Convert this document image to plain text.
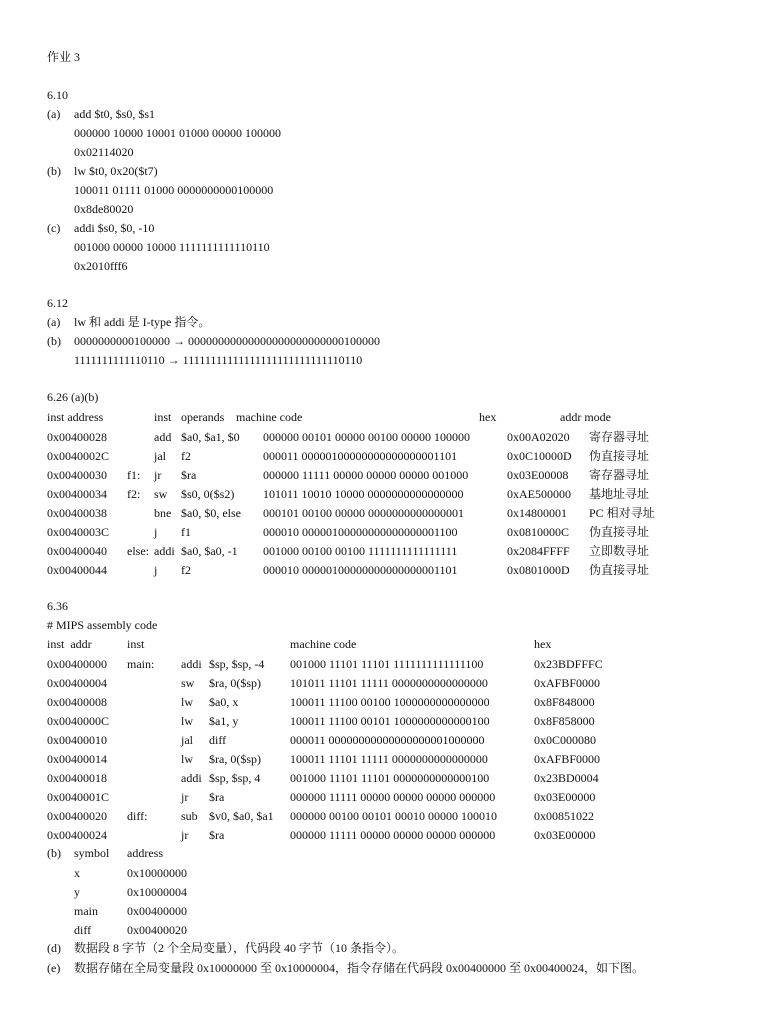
作业 3
6.10
(a) add $t0, $s0, $s1
000000 10000 10001 01000 00000 100000
0x02114020
(b) lw $t0, 0x20($t7)
100011 01111 01000 0000000000100000
0x8de80020
(c) addi $s0, $0, -10
001000 00000 10000 1111111111110110
0x2010fff6
6.12
(a) lw 和 addi 是 I-type 指令。
(b) 0000000000100000 → 00000000000000000000000000100000
1111111111110110 → 11111111111111111111111111110110
6.26 (a)(b)
inst address	inst operands machine code	hex	addr mode
0x00400028	add $a0, $a1, $0 000000 00101 00000 00100 00000 100000	0x00A02020 寄存器寻址
0x0040002C	jal f2	000011 00000100000000000000001101	0x0C10000D 伪直接寻址
0x00400030 f1: jr $ra	000000 11111 00000 00000 00000 001000	0x03E00008 寄存器寻址
0x00400034 f2: sw $s0, 0($s2) 101011 10010 10000 0000000000000000	0xAE500000 基地址寻址
0x00400038	bne $a0, $0, else 000101 00100 00000 0000000000000001	0x14800001 PC 相对寻址
0x0040003C	j f1	000010 00000100000000000000001100	0x0810000C 伪直接寻址
0x00400040 else: addi $a0, $a0, -1 001000 00100 00100 1111111111111111	0x2084FFFF 立即数寻址
0x00400044	j f2	000010 00000100000000000000001101	0x0801000D 伪直接寻址
6.36
# MIPS assembly code
inst  addr	inst	machine code	hex
0x00400000 main: addi $sp, $sp, -4 001000 11101 11101 1111111111111100	0x23BDFFFC
0x00400004	sw $ra, 0($sp) 101011 11101 11111 0000000000000000	0xAFBF0000
0x00400008	lw $a0, x	100011 11100 00100 1000000000000000	0x8F848000
0x0040000C	lw $a1, y	100011 11100 00101 1000000000000100	0x8F858000
0x00400010	jal diff	000011 00000000000000000001000000	0x0C000080
0x00400014	lw $ra, 0($sp) 100011 11101 11111 0000000000000000	0xAFBF0000
0x00400018	addi $sp, $sp, 4 001000 11101 11101 0000000000000100	0x23BD0004
0x0040001C	jr $ra	000000 11111 00000 00000 00000 000000	0x03E00000
0x00400020 diff:	sub $v0, $a0, $a1 000000 00100 00101 00010 00000 100010	0x00851022
0x00400024	jr $ra	000000 11111 00000 00000 00000 000000	0x03E00000
(b) symbol address
x	0x10000000
y	0x10000004
main 0x00400000
diff	0x00400020
(d) 数据段 8 字节（2 个全局变量），代码段 40 字节（10 条指令）。
(e) 数据存储在全局变量段 0x10000000 至 0x10000004，指令存储在代码段 0x00400000 至 0x00400024，如下图。
